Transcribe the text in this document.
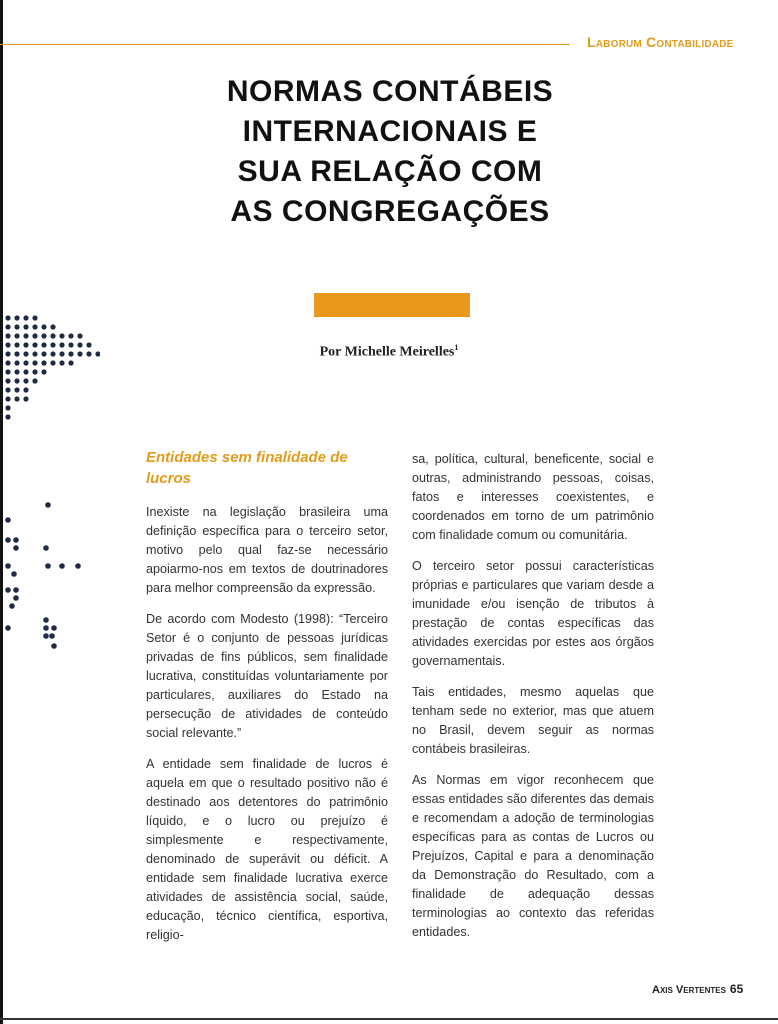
Laborum Contabilidade
NORMAS CONTÁBEIS
INTERNACIONAIS E
SUA RELAÇÃO COM
AS CONGREGAÇÕES
Por Michelle Meirelles$^1$
Entidades sem finalidade de lucros

Inexiste na legislação brasileira uma definição específica para o terceiro setor, motivo pelo qual faz-se necessário apoiarmo-nos em textos de doutrinadores para melhor compreensão da expressão.

De acordo com Modesto (1998): “Terceiro Setor é o conjunto de pessoas jurídicas privadas de fins públicos, sem finalidade lucrativa, constituídas voluntariamente por particulares, auxiliares do Estado na persecução de atividades de conteúdo social relevante.”

A entidade sem finalidade de lucros é aquela em que o resultado positivo não é destinado aos detentores do patrimônio líquido, e o lucro ou prejuízo é simplesmente e respectivamente, denominado de superávit ou déficit. A entidade sem finalidade lucrativa exerce atividades de assistência social, saúde, educação, técnico científica, esportiva, religio-

sa, política, cultural, beneficente, social e outras, administrando pessoas, coisas, fatos e interesses coexistentes, e coordenados em torno de um patrimônio com finalidade comum ou comunitária.

O terceiro setor possui características próprias e particulares que variam desde a imunidade e/ou isenção de tributos à prestação de contas específicas das atividades exercidas por estes aos órgãos governamentais.

Tais entidades, mesmo aquelas que tenham sede no exterior, mas que atuem no Brasil, devem seguir as normas contábeis brasileiras.

As Normas em vigor reconhecem que essas entidades são diferentes das demais e recomendam a adoção de terminologias específicas para as contas de Lucros ou Prejuízos, Capital e para a denominação da Demonstração do Resultado, com a finalidade de adequação dessas terminologias ao contexto das referidas entidades.

Axis Vertentes 65
